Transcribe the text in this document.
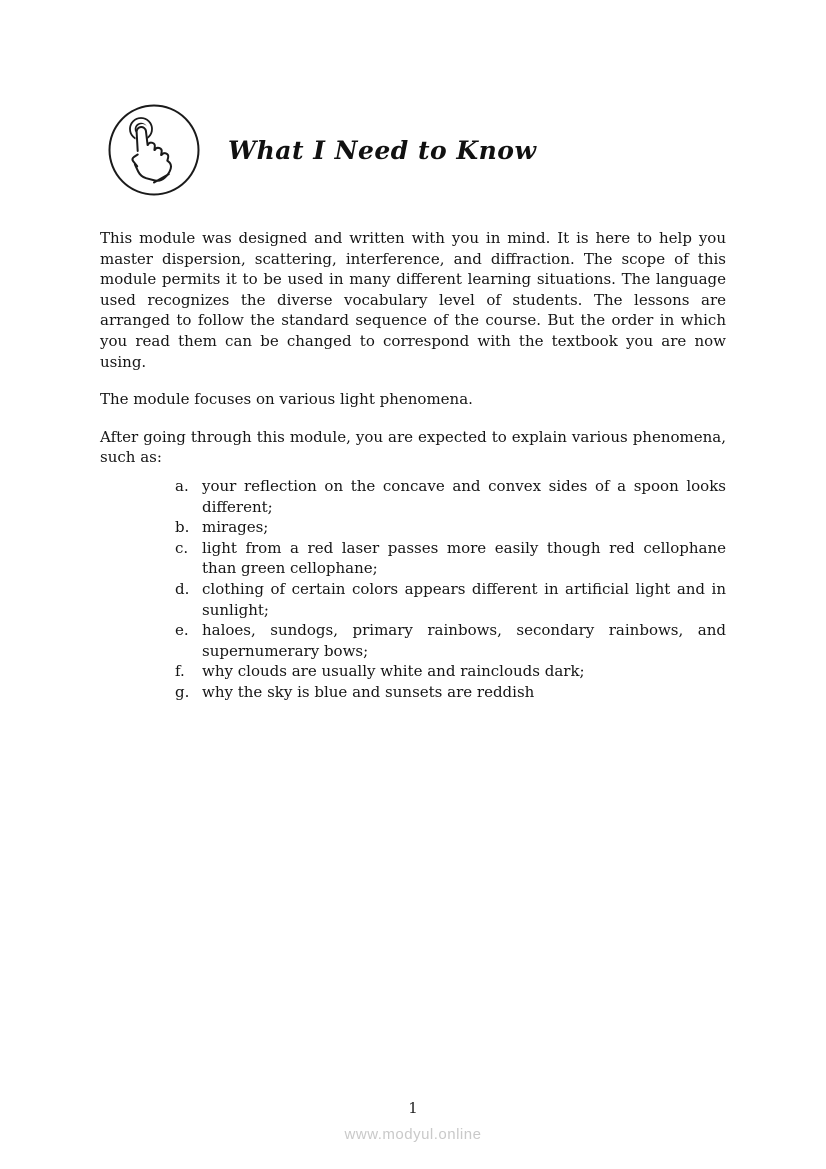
What I Need to Know

This module was designed and written with you in mind. It is here to help you master dispersion, scattering, interference, and diffraction. The scope of this module permits it to be used in many different learning situations. The language used recognizes the diverse vocabulary level of students. The lessons are arranged to follow the standard sequence of the course. But the order in which you read them can be changed to correspond with the textbook you are now using.

The module focuses on various light phenomena.

After going through this module, you are expected to explain various phenomena, such as:

a. your reflection on the concave and convex sides of a spoon looks different;
b. mirages;
c. light from a red laser passes more easily though red cellophane than green cellophane;
d. clothing of certain colors appears different in artificial light and in sunlight;
e. haloes, sundogs, primary rainbows, secondary rainbows, and supernumerary bows;
f. why clouds are usually white and rainclouds dark;
g. why the sky is blue and sunsets are reddish
1
www.modyul.online
